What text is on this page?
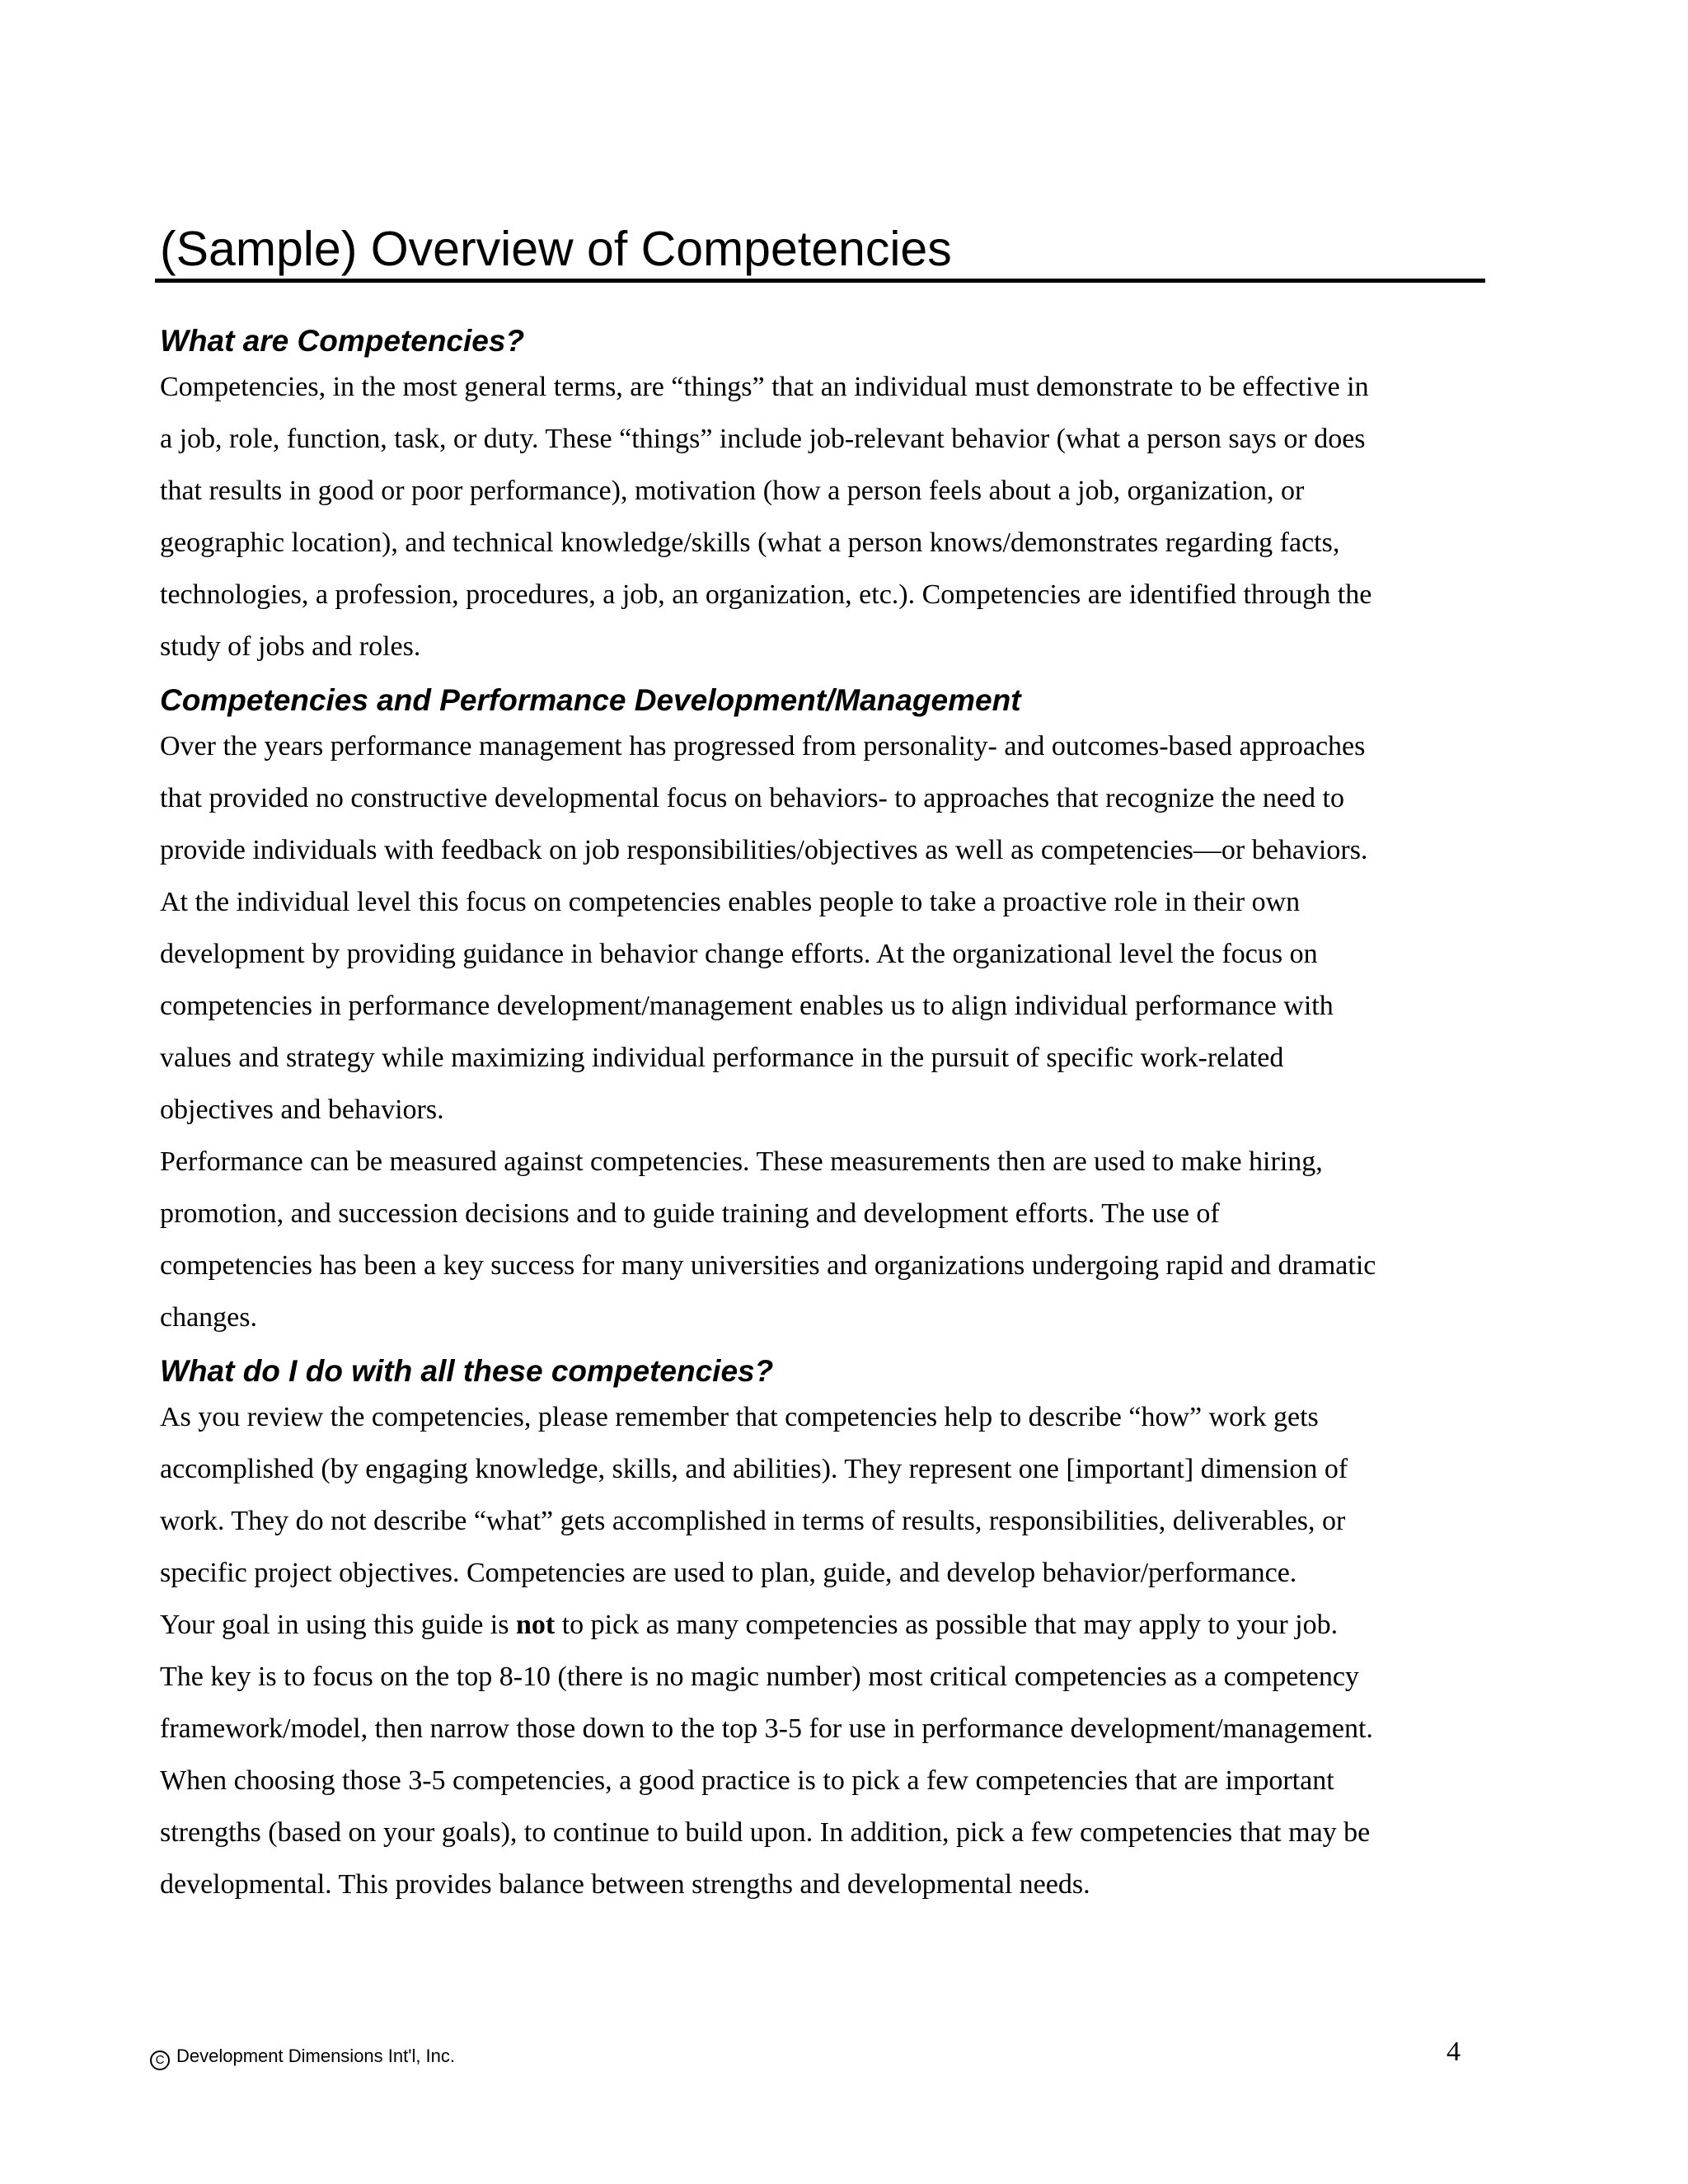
(Sample) Overview of Competencies
What are Competencies?

Competencies, in the most general terms, are “things” that an individual must demonstrate to be effective in
a job, role, function, task, or duty. These “things” include job-relevant behavior (what a person says or does
that results in good or poor performance), motivation (how a person feels about a job, organization, or
geographic location), and technical knowledge/skills (what a person knows/demonstrates regarding facts,
technologies, a profession, procedures, a job, an organization, etc.). Competencies are identified through the
study of jobs and roles.

Competencies and Performance Development/Management

Over the years performance management has progressed from personality- and outcomes-based approaches
that provided no constructive developmental focus on behaviors- to approaches that recognize the need to
provide individuals with feedback on job responsibilities/objectives as well as competencies—or behaviors.
At the individual level this focus on competencies enables people to take a proactive role in their own
development by providing guidance in behavior change efforts. At the organizational level the focus on
competencies in performance development/management enables us to align individual performance with
values and strategy while maximizing individual performance in the pursuit of specific work-related
objectives and behaviors.

Performance can be measured against competencies. These measurements then are used to make hiring,
promotion, and succession decisions and to guide training and development efforts. The use of
competencies has been a key success for many universities and organizations undergoing rapid and dramatic
changes.

What do I do with all these competencies?

As you review the competencies, please remember that competencies help to describe “how” work gets
accomplished (by engaging knowledge, skills, and abilities). They represent one [important] dimension of
work. They do not describe “what” gets accomplished in terms of results, responsibilities, deliverables, or
specific project objectives. Competencies are used to plan, guide, and develop behavior/performance.

Your goal in using this guide is not to pick as many competencies as possible that may apply to your job.
The key is to focus on the top 8-10 (there is no magic number) most critical competencies as a competency
framework/model, then narrow those down to the top 3-5 for use in performance development/management.
When choosing those 3-5 competencies, a good practice is to pick a few competencies that are important
strengths (based on your goals), to continue to build upon. In addition, pick a few competencies that may be
developmental. This provides balance between strengths and developmental needs.

C Development Dimensions Int'l, Inc.	4
